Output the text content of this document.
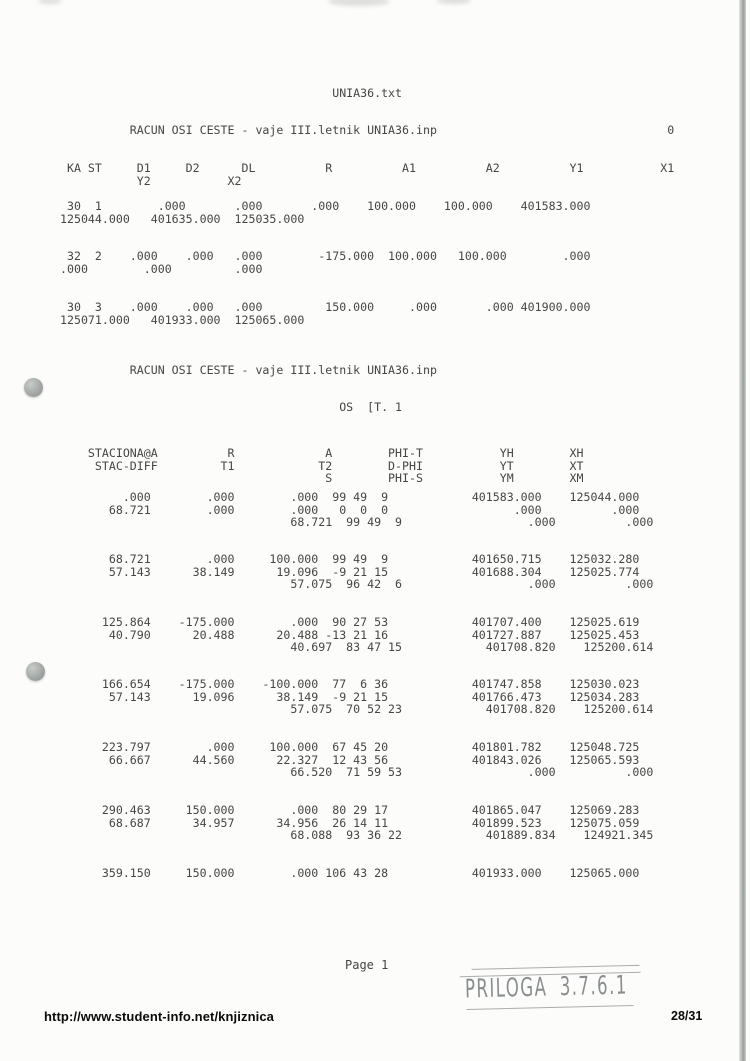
UNIA36.txt
RACUN OSI CESTE - vaje III.letnik UNIA36.inp                                 0
KA ST     D1     D2      DL          R          A1          A2          Y1           X1
Y2           X2
30  1        .000       .000       .000    100.000    100.000    401583.000
125044.000   401635.000  125035.000
32  2    .000    .000   .000        -175.000  100.000   100.000        .000
.000        .000         .000
30  3    .000    .000   .000         150.000     .000       .000 401900.000
125071.000   401933.000  125065.000
RACUN OSI CESTE - vaje III.letnik UNIA36.inp
OS  [T. 1
STACIONA@A          R             A        PHI-T           YH        XH
STAC-DIFF         T1            T2        D-PHI           YT        XT
S        PHI-S           YM        XM
.000        .000        .000  99 49  9            401583.000    125044.000
68.721        .000        .000   0  0  0                  .000          .000
68.721  99 49  9                  .000          .000
68.721        .000     100.000  99 49  9            401650.715    125032.280
57.143      38.149      19.096  -9 21 15            401688.304    125025.774
57.075  96 42  6                  .000          .000
125.864    -175.000        .000  90 27 53            401707.400    125025.619
40.790      20.488      20.488 -13 21 16            401727.887    125025.453
40.697  83 47 15            401708.820    125200.614
166.654    -175.000    -100.000  77  6 36            401747.858    125030.023
57.143      19.096      38.149  -9 21 15            401766.473    125034.283
57.075  70 52 23            401708.820    125200.614
223.797        .000     100.000  67 45 20            401801.782    125048.725
66.667      44.560      22.327  12 43 56            401843.026    125065.593
66.520  71 59 53                  .000          .000
290.463     150.000        .000  80 29 17            401865.047    125069.283
68.687      34.957      34.956  26 14 11            401899.523    125075.059
68.088  93 36 22            401889.834    124921.345
359.150     150.000        .000 106 43 28            401933.000    125065.000
Page 1
PRILOGA 3.7.6.1
http://www.student-info.net/knjiznica	28/31
